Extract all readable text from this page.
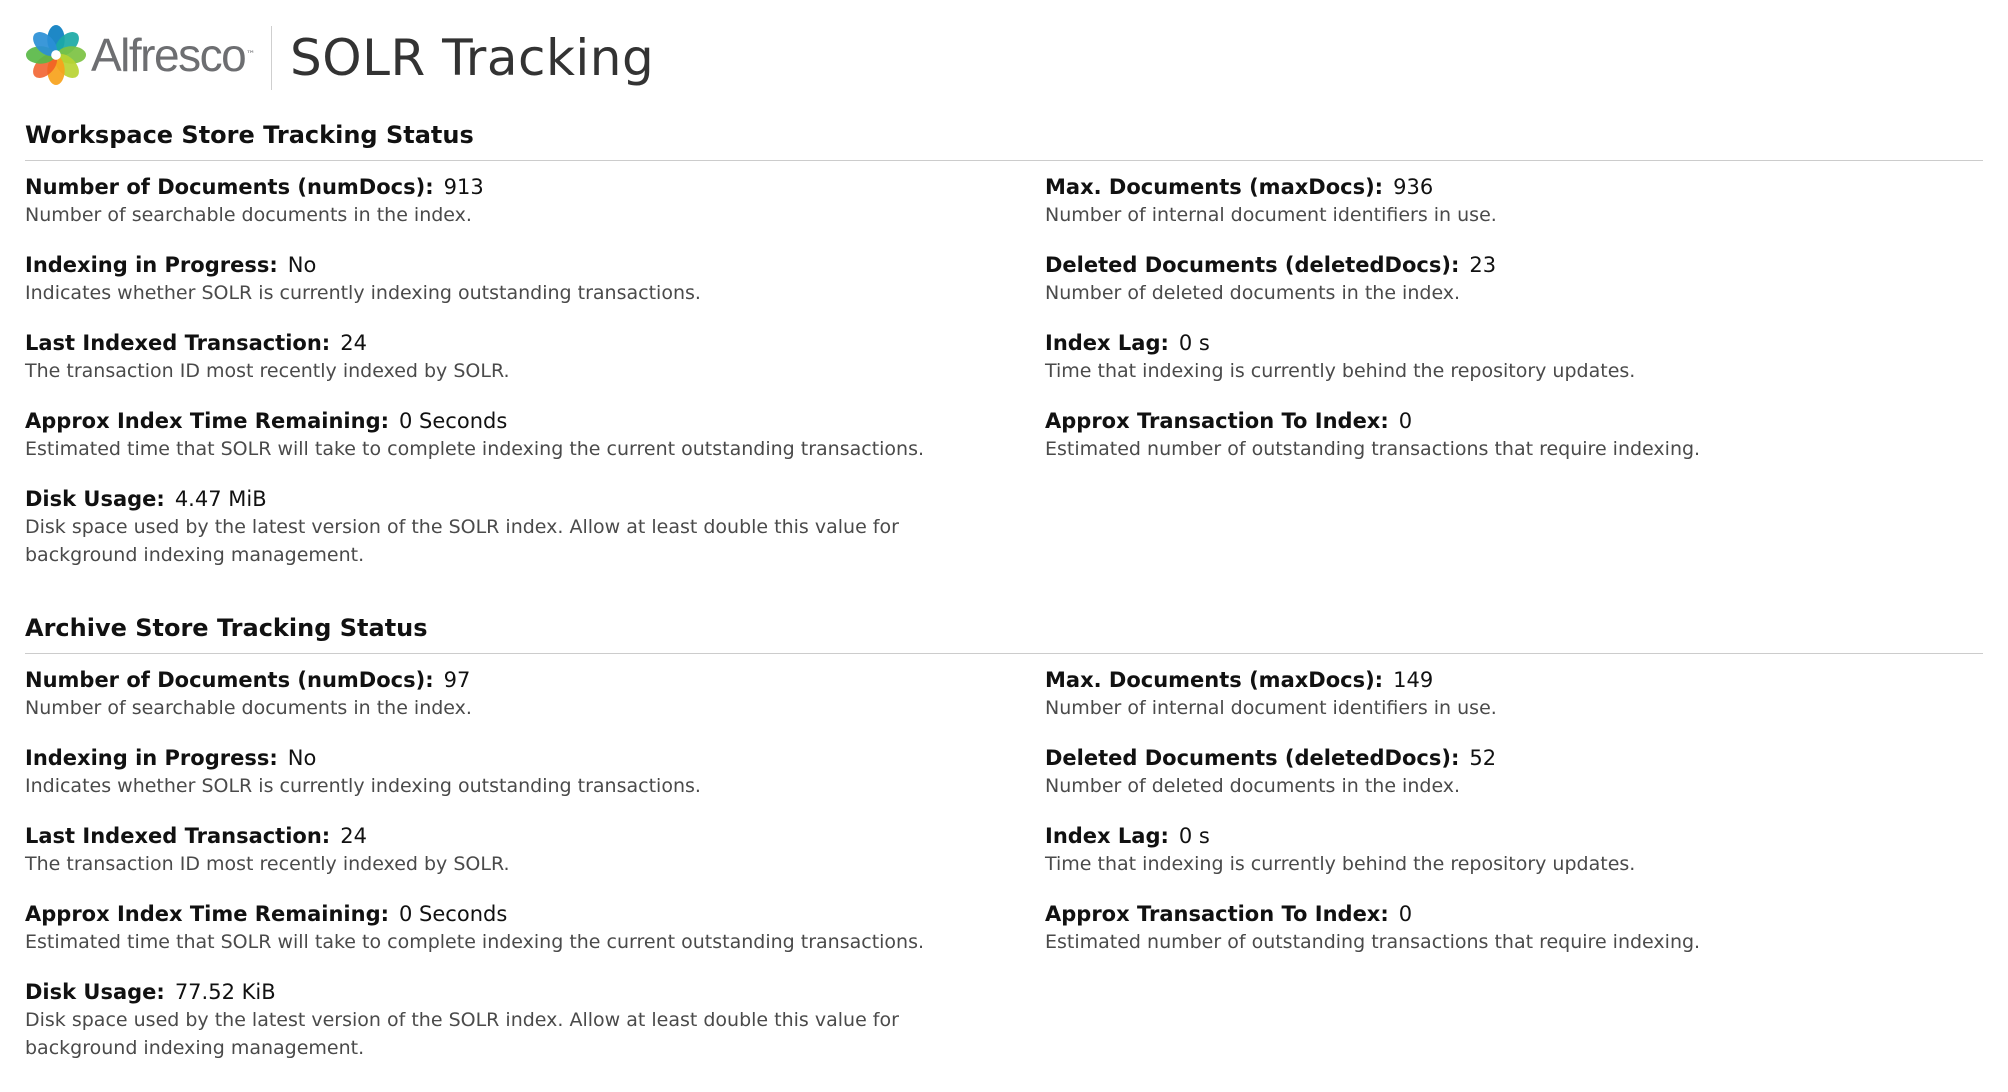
Alfresco ™ SOLR Tracking
Workspace Store Tracking Status
Number of Documents (numDocs): 913
Number of searchable documents in the index.
Indexing in Progress: No
Indicates whether SOLR is currently indexing outstanding transactions.
Last Indexed Transaction: 24
The transaction ID most recently indexed by SOLR.
Approx Index Time Remaining: 0 Seconds
Estimated time that SOLR will take to complete indexing the current outstanding transactions.
Disk Usage: 4.47 MiB
Disk space used by the latest version of the SOLR index. Allow at least double this value for background indexing management.
Max. Documents (maxDocs): 936
Number of internal document identifiers in use.
Deleted Documents (deletedDocs): 23
Number of deleted documents in the index.
Index Lag: 0 s
Time that indexing is currently behind the repository updates.
Approx Transaction To Index: 0
Estimated number of outstanding transactions that require indexing.
Archive Store Tracking Status
Number of Documents (numDocs): 97
Number of searchable documents in the index.
Indexing in Progress: No
Indicates whether SOLR is currently indexing outstanding transactions.
Last Indexed Transaction: 24
The transaction ID most recently indexed by SOLR.
Approx Index Time Remaining: 0 Seconds
Estimated time that SOLR will take to complete indexing the current outstanding transactions.
Disk Usage: 77.52 KiB
Disk space used by the latest version of the SOLR index. Allow at least double this value for background indexing management.
Max. Documents (maxDocs): 149
Number of internal document identifiers in use.
Deleted Documents (deletedDocs): 52
Number of deleted documents in the index.
Index Lag: 0 s
Time that indexing is currently behind the repository updates.
Approx Transaction To Index: 0
Estimated number of outstanding transactions that require indexing.
